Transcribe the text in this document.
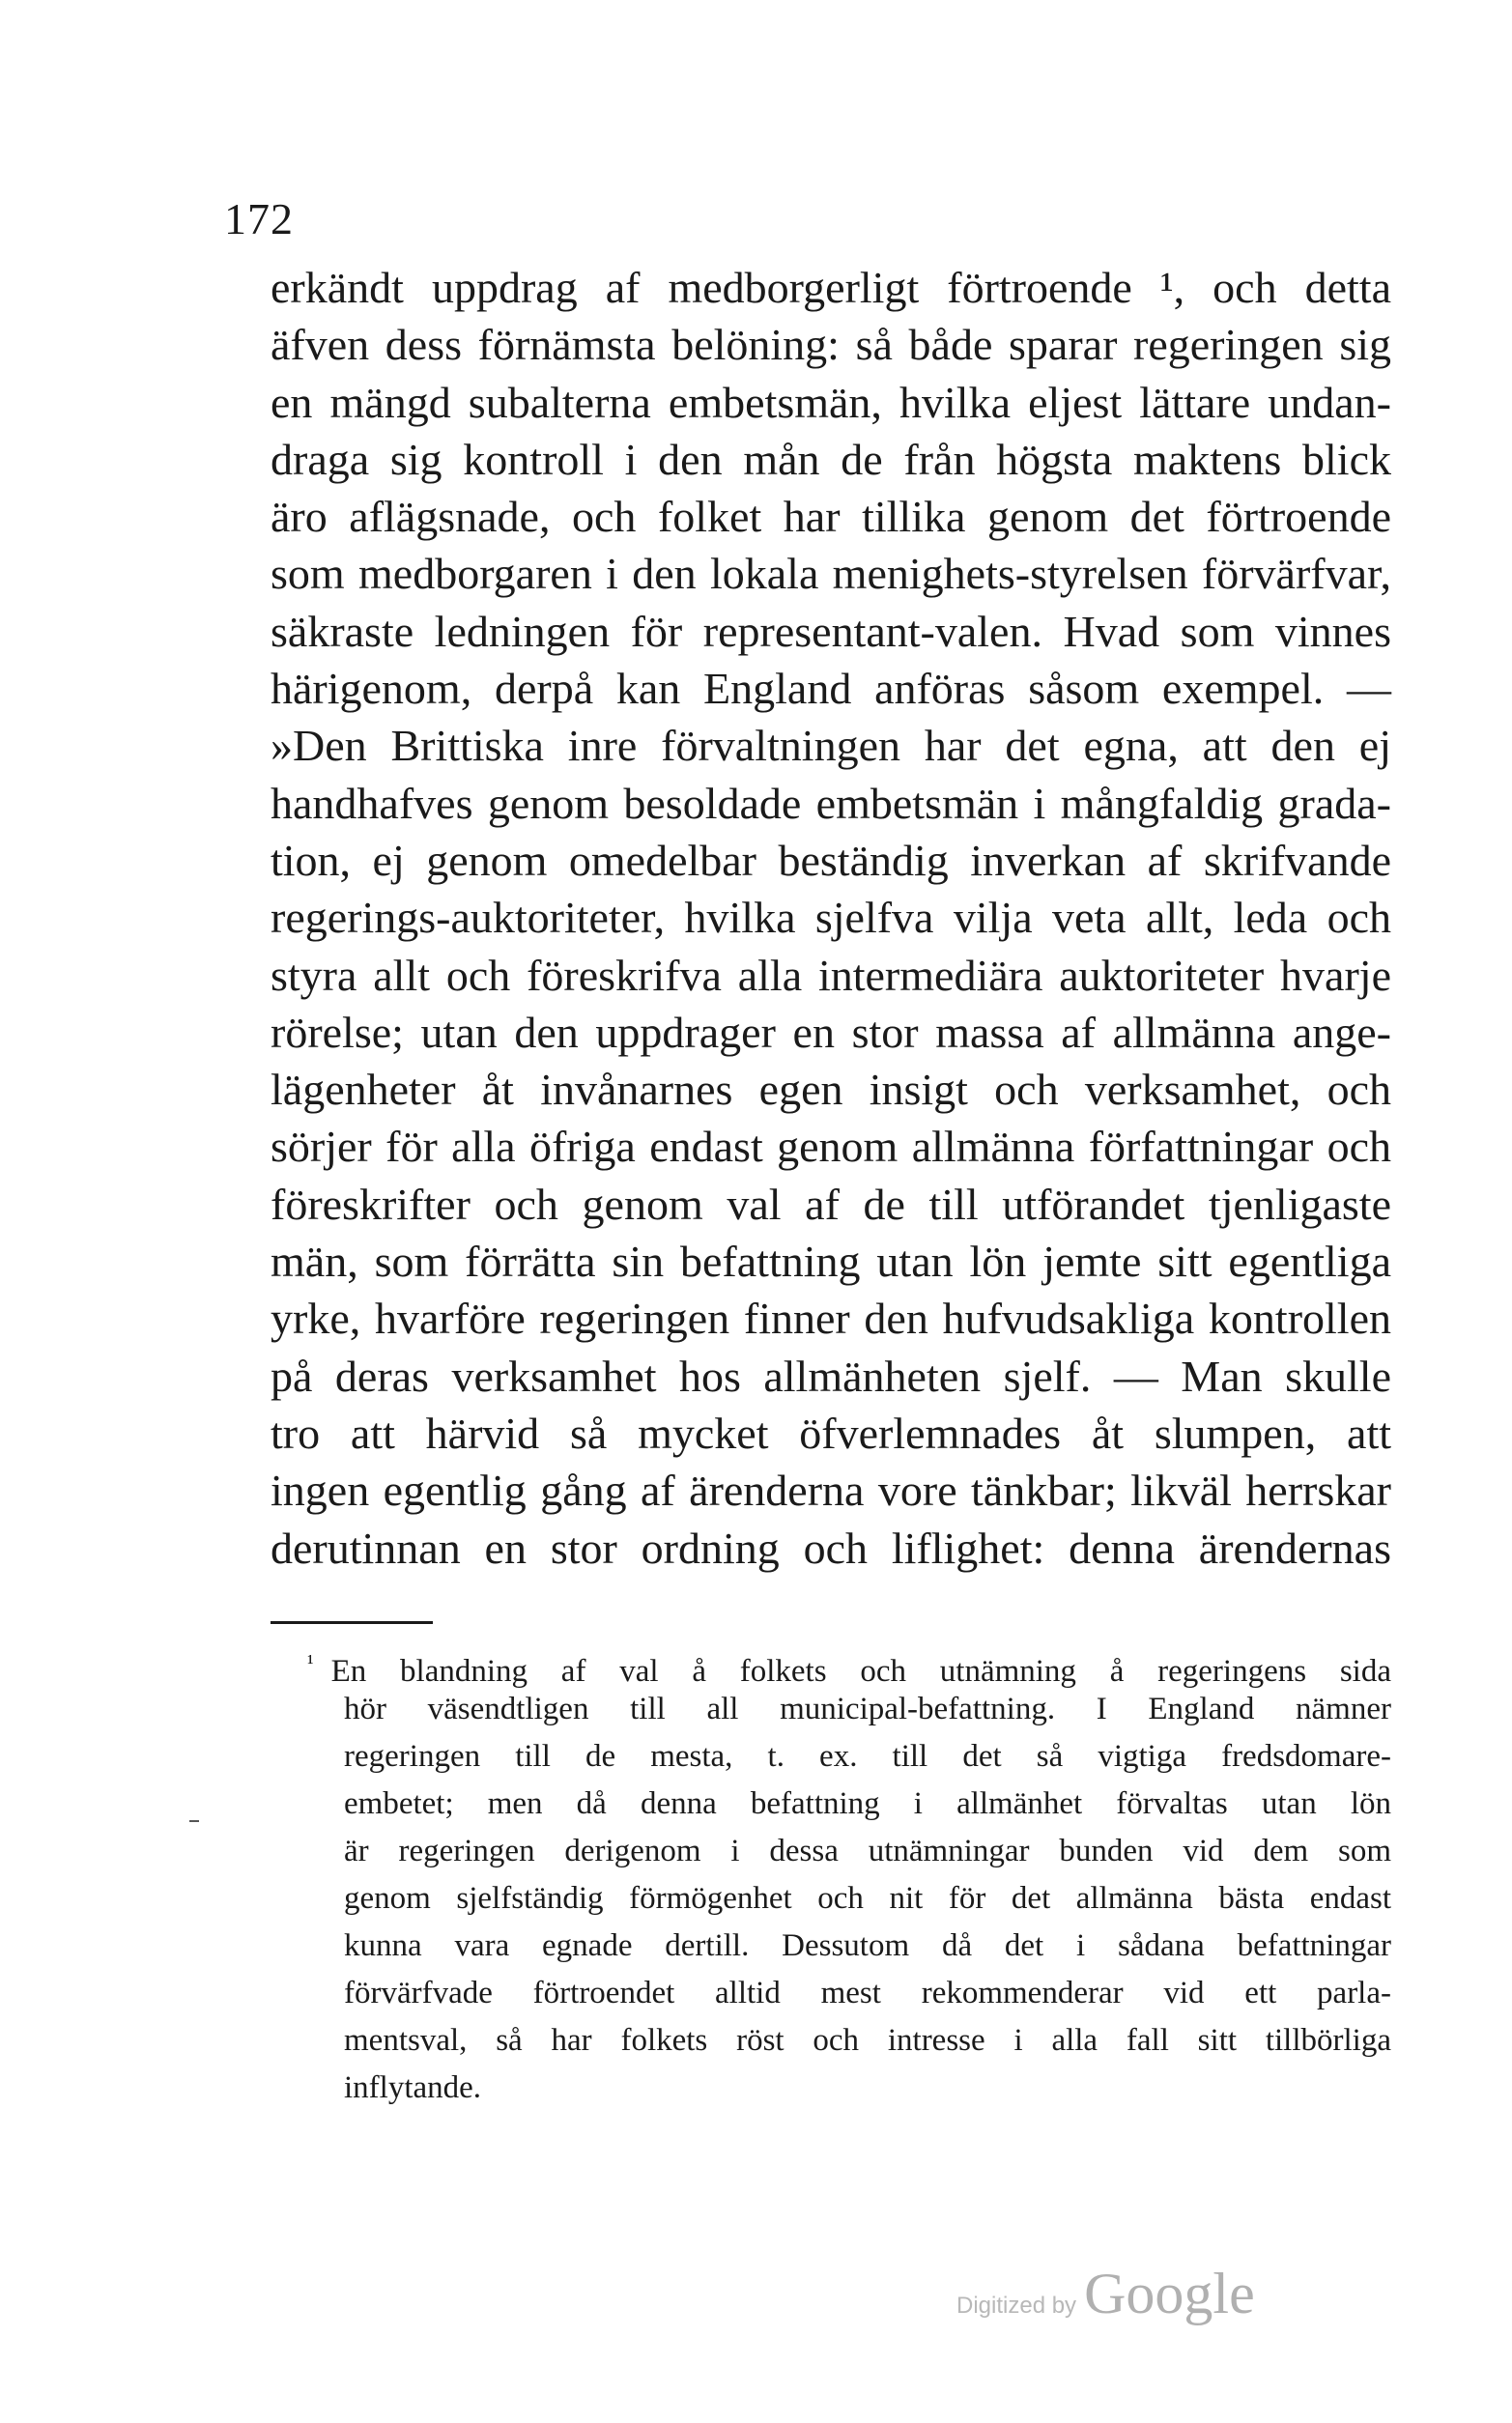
172
erkändt uppdrag af medborgerligt förtroende ¹, och detta
äfven dess förnämsta belöning: så både sparar regeringen sig
en mängd subalterna embetsmän, hvilka eljest lättare undan-
draga sig kontroll i den mån de från högsta maktens blick
äro aflägsnade, och folket har tillika genom det förtroende
som medborgaren i den lokala menighets-styrelsen förvärfvar,
säkraste ledningen för representant-valen. Hvad som vinnes
härigenom, derpå kan England anföras såsom exempel. —
»Den Brittiska inre förvaltningen har det egna, att den ej
handhafves genom besoldade embetsmän i mångfaldig grada-
tion, ej genom omedelbar beständig inverkan af skrifvande
regerings-auktoriteter, hvilka sjelfva vilja veta allt, leda och
styra allt och föreskrifva alla intermediära auktoriteter hvarje
rörelse; utan den uppdrager en stor massa af allmänna ange-
lägenheter åt invånarnes egen insigt och verksamhet, och
sörjer för alla öfriga endast genom allmänna författningar och
föreskrifter och genom val af de till utförandet tjenligaste
män, som förrätta sin befattning utan lön jemte sitt egentliga
yrke, hvarföre regeringen finner den hufvudsakliga kontrollen
på deras verksamhet hos allmänheten sjelf. — Man skulle
tro att härvid så mycket öfverlemnades åt slumpen, att
ingen egentlig gång af ärenderna vore tänkbar; likväl herrskar
derutinnan en stor ordning och liflighet: denna ärendernas
$^{^1}$ En blandning af val å folkets och utnämning å regeringens sida
hör väsendtligen till all municipal-befattning. I England nämner
regeringen till de mesta, t. ex. till det så vigtiga fredsdomare-
embetet; men då denna befattning i allmänhet förvaltas utan lön
är regeringen derigenom i dessa utnämningar bunden vid dem som
genom sjelfständig förmögenhet och nit för det allmänna bästa endast
kunna vara egnade dertill. Dessutom då det i sådana befattningar
förvärfvade förtroendet alltid mest rekommenderar vid ett parla-
mentsval, så har folkets röst och intresse i alla fall sitt tillbörliga
inflytande.
Digitized by Google
